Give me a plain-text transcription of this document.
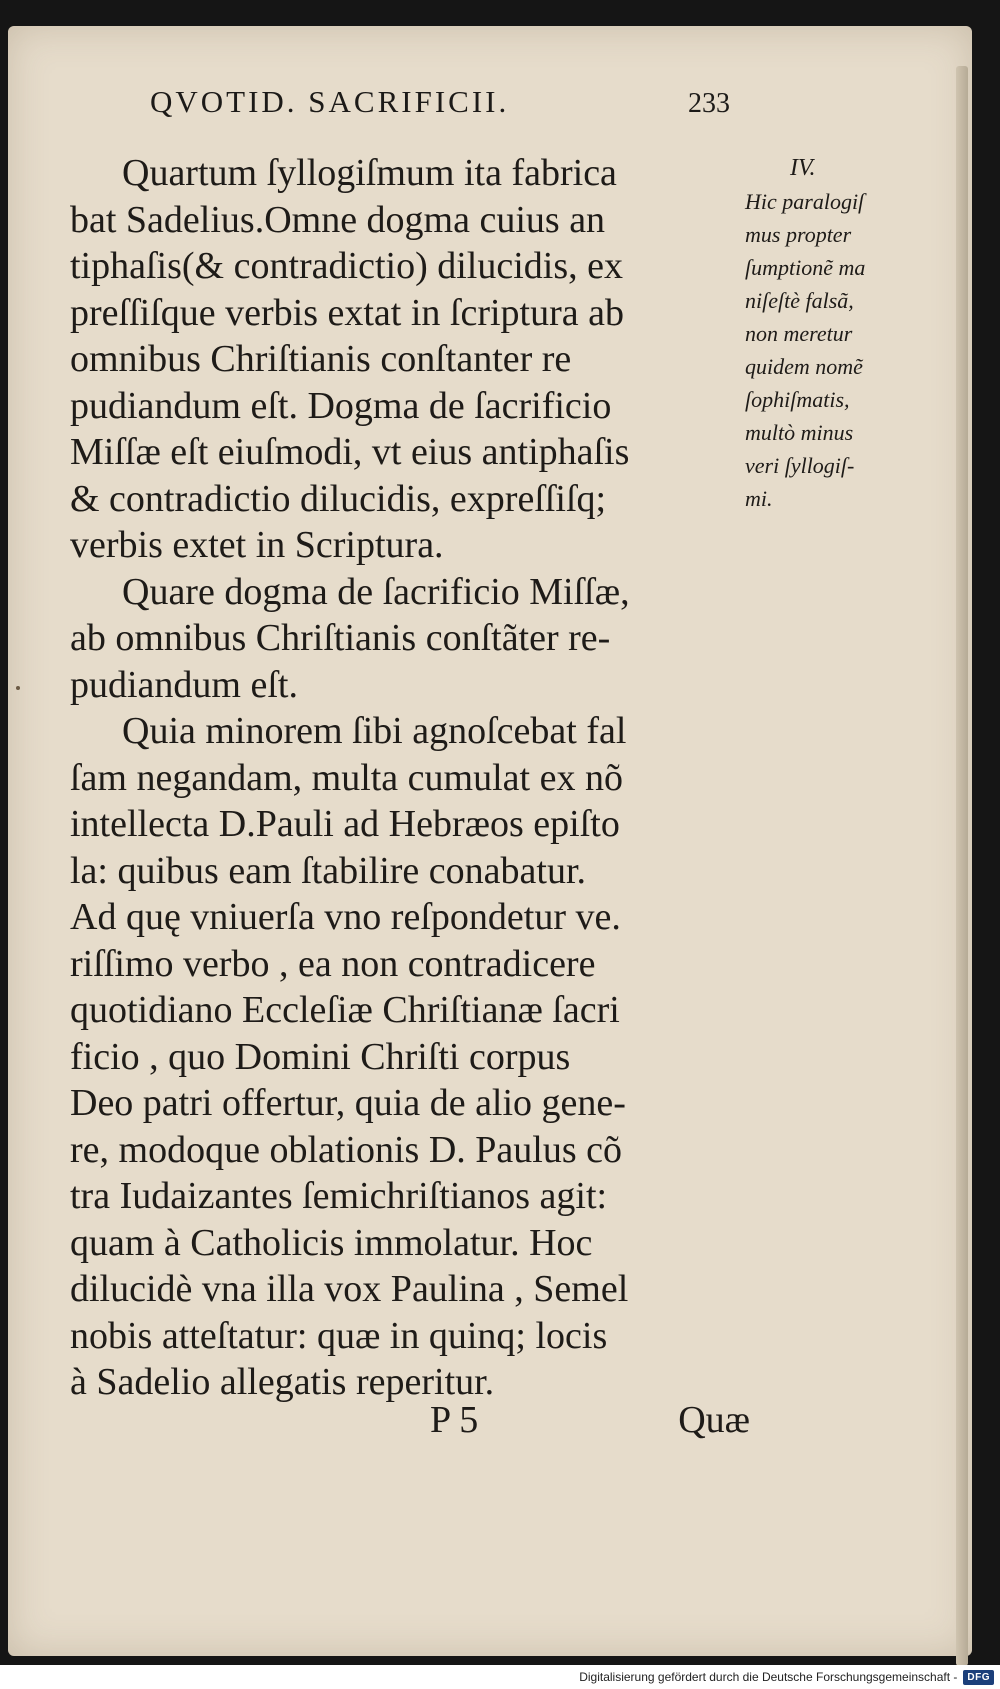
QVOTID. SACRIFICII.	233
Quartum ſyllogiſmum ita fabrica
bat Sadelius.Omne dogma cuius an
tiphaſis(& contradictio) dilucidis, ex
preſſiſque verbis extat in ſcriptura ab
omnibus Chriſtianis conſtanter re
pudiandum eſt. Dogma de ſacrificio
Miſſæ eſt eiuſmodi, vt eius antiphaſis
& contradictio dilucidis, expreſſiſq;
verbis extet in Scriptura.
Quare dogma de ſacrificio Miſſæ,
ab omnibus Chriſtianis conſtãter re-
pudiandum eſt.
Quia minorem ſibi agnoſcebat fal
ſam negandam, multa cumulat ex nõ
intellecta D.Pauli ad Hebræos epiſto
la: quibus eam ſtabilire conabatur.
Ad quę vniuerſa vno reſpondetur ve.
riſſimo verbo , ea non contradicere
quotidiano Eccleſiæ Chriſtianæ ſacri
ficio , quo Domini Chriſti corpus
Deo patri offertur, quia de alio gene-
re, modoque oblationis D. Paulus cõ
tra Iudaizantes ſemichriſtianos agit:
quam à Catholicis immolatur. Hoc
dilucidè vna illa vox Paulina , Semel
nobis atteſtatur: quæ in quinq; locis
à Sadelio allegatis reperitur.
IV.
Hic paralogiſ
mus propter
ſumptionẽ ma
niſeſtè falsã,
non meretur
quidem nomẽ
ſophiſmatis,
multò minus
veri ſyllogiſ-
mi.
P 5	Quæ
Digitalisierung gefördert durch die Deutsche Forschungsgemeinschaft -	DFG
